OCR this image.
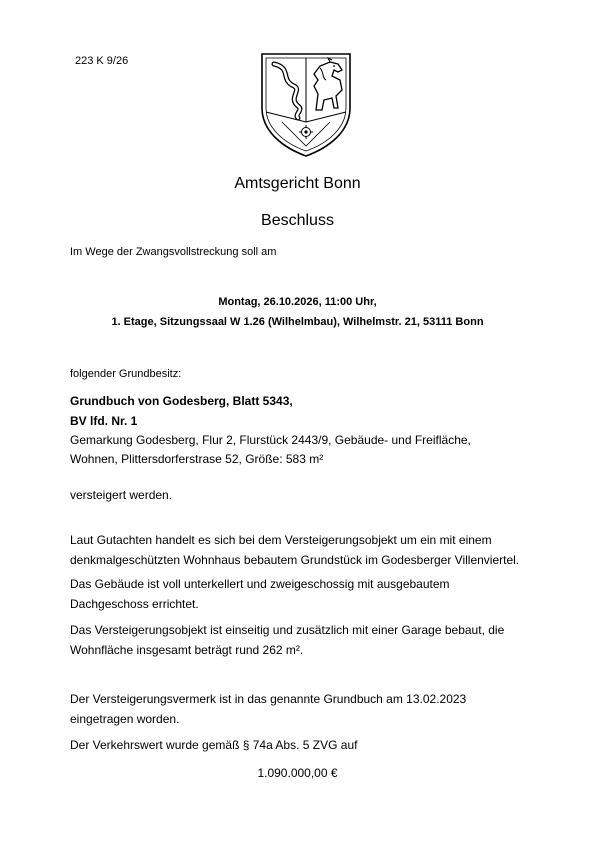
223 K 9/26
Amtsgericht Bonn
Beschluss
Im Wege der Zwangsvollstreckung soll am
Montag, 26.10.2026, 11:00 Uhr,
1. Etage, Sitzungssaal W 1.26 (Wilhelmbau), Wilhelmstr. 21, 53111 Bonn
folgender Grundbesitz:
Grundbuch von Godesberg, Blatt 5343,
BV lfd. Nr. 1
Gemarkung Godesberg, Flur 2, Flurstück 2443/9, Gebäude- und Freifläche,
Wohnen, Plittersdorferstrase 52, Größe: 583 m²
versteigert werden.
Laut Gutachten handelt es sich bei dem Versteigerungsobjekt um ein mit einem
denkmalgeschützten Wohnhaus bebautem Grundstück im Godesberger Villenviertel.
Das Gebäude ist voll unterkellert und zweigeschossig mit ausgebautem
Dachgeschoss errichtet.
Das Versteigerungsobjekt ist einseitig und zusätzlich mit einer Garage bebaut, die
Wohnfläche insgesamt beträgt rund 262 m².
Der Versteigerungsvermerk ist in das genannte Grundbuch am 13.02.2023
eingetragen worden.
Der Verkehrswert wurde gemäß § 74a Abs. 5 ZVG auf
1.090.000,00 €
